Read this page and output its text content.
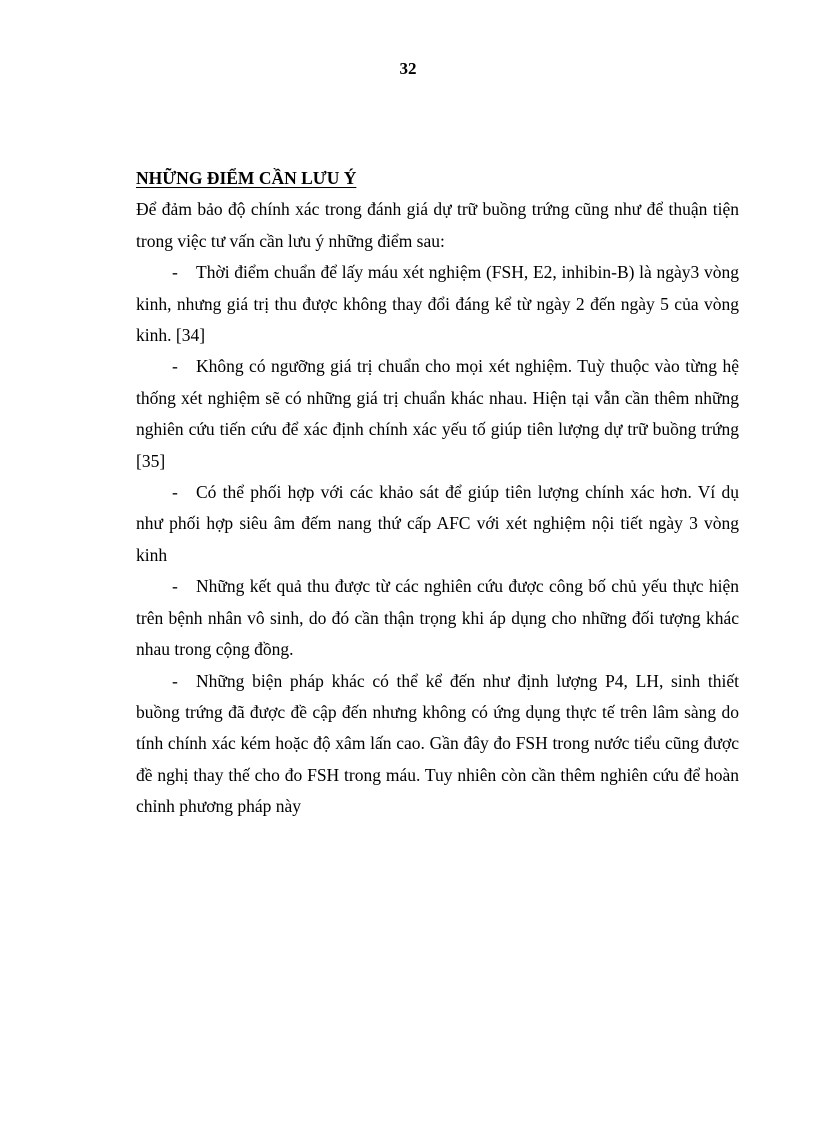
32

NHỮNG ĐIỂM CẦN LƯU Ý

Để đảm bảo độ chính xác trong đánh giá dự trữ buồng trứng cũng như để thuận tiện trong việc tư vấn cần lưu ý những điểm sau:

- Thời điểm chuẩn để lấy máu xét nghiệm (FSH, E2, inhibin-B) là ngày3 vòng kinh, nhưng giá trị thu được không thay đổi đáng kể từ ngày 2 đến ngày 5 của vòng kinh. [34]

- Không có ngưỡng giá trị chuẩn cho mọi xét nghiệm. Tuỳ thuộc vào từng hệ thống xét nghiệm sẽ có những giá trị chuẩn khác nhau. Hiện tại vẫn cần thêm những nghiên cứu tiến cứu để xác định chính xác yếu tố giúp tiên lượng dự trữ buồng trứng [35]

- Có thể phối hợp với các khảo sát để giúp tiên lượng chính xác hơn. Ví dụ như phối hợp siêu âm đếm nang thứ cấp AFC với xét nghiệm nội tiết ngày 3 vòng kinh

- Những kết quả thu được từ các nghiên cứu được công bố chủ yếu thực hiện trên bệnh nhân vô sinh, do đó cần thận trọng khi áp dụng cho những đối tượng khác nhau trong cộng đồng.

- Những biện pháp khác có thể kể đến như định lượng P4, LH, sinh thiết buồng trứng đã được đề cập đến nhưng không có ứng dụng thực tế trên lâm sàng do tính chính xác kém hoặc độ xâm lấn cao. Gần đây đo FSH trong nước tiểu cũng được đề nghị thay thế cho đo FSH trong máu. Tuy nhiên còn cần thêm nghiên cứu để hoàn chỉnh phương pháp này
